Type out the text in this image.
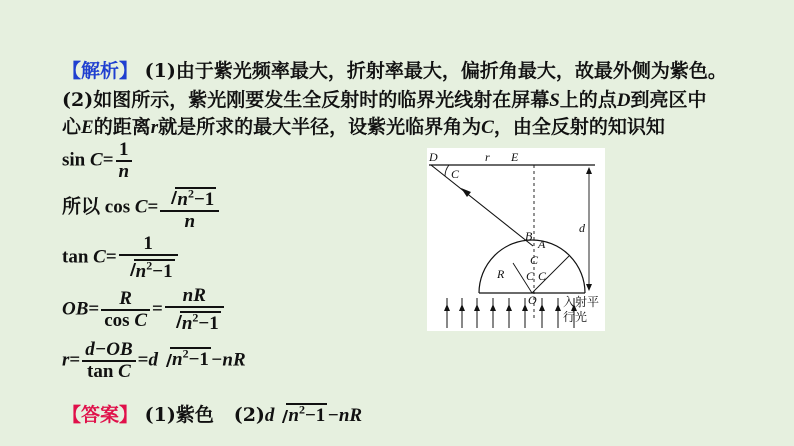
【解析】 (1)由于紫光频率最大，折射率最大，偏折角最大，故最外侧为紫色。
(2)如图所示，紫光刚要发生全反射时的临界光线射在屏幕S上的点D到亮区中
心E的距离r就是所求的最大半径，设紫光临界角为C，由全反射的知识知
$\sin C= \frac{1}{n}$
所以 $\cos C= \frac{n^2-1}{n}$
$\tan C= \frac{1}{n^2-1}$
$OB= \frac{R}{\text{cos C}} = \frac{nR}{n^2-1}$
$r= \frac{d-OB}{\text{tan C}} =d$ $n^2-1 -nR$
【答案】 (1)紫色 (2)d $n^2-1 -nR$
D	r E
C
d
B
A
C
C C
R
O 入射平
行光
